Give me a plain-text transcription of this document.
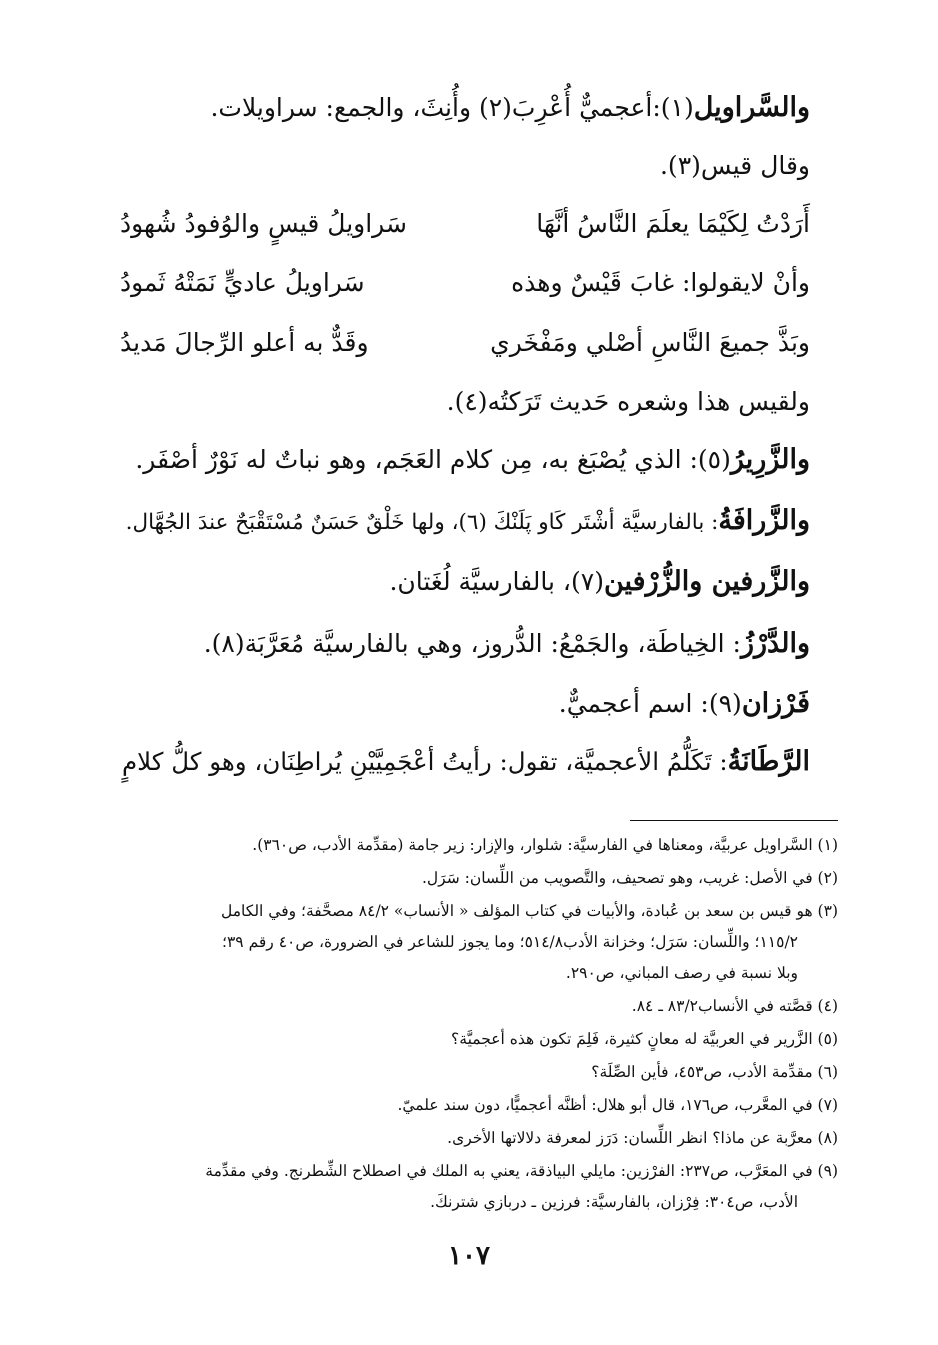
والسَّراويل(١):أعجميٌّ أُعْرِبَ(٢) وأُنِثَ، والجمع: سراويلات.
وقال قيس(٣).
أَرَدْتُ لِكَيْمَا يعلَمَ النَّاسُ أنَّهَا
سَراويلُ قيسٍ والوُفودُ شُهودُ
وأنْ لايقولوا: غابَ قَيْسٌ وهذه
سَراويلُ عاديٍّ نَمَتْهُ ثَمودُ
وبَذَّ جميعَ النَّاسِ أصْلي ومَفْخَري
وقَدٌّ به أعلو الرِّجالَ مَديدُ
ولقيس هذا وشعره حَديث تَرَكتُه(٤).
والزَّرِيرُ(٥): الذي يُصْبَغ به، مِن كلام العَجَم، وهو نباتٌ له نَوْرٌ أصْفَر.
والزَّرافَةُ: بالفارسيَّة أشْتَر كَاو پَلَنْكَ (٦)، ولها خَلْقٌ حَسَنٌ مُسْتَقْبَحٌ عندَ الجُهَّال.
والزَّرفين والزُّرْفين(٧)، بالفارسيَّة لُغَتان.
والدَّرْزُ: الخِياطَة، والجَمْعُ: الدُّروز، وهي بالفارسيَّة مُعَرَّبَة(٨).
فَرْزان(٩): اسم أعجميٌّ.
الرَّطَانَةُ: تَكَلُّمُ الأعجميَّة، تقول: رأيتُ أعْجَمِيَّيْنِ يُراطِنَان، وهو كلُّ كلامٍ
(١) السَّراويل عربيَّة، ومعناها في الفارسيَّة: شلوار، والإزار: زير جامة (مقدِّمة الأدب، ص٣٦٠).
(٢) في الأصل: غريب، وهو تصحيف، والتَّصويب من اللِّسان: سَرَل.
(٣) هو قيس بن سعد بن عُبادة، والأبيات في كتاب المؤلف « الأنساب» ٨٤/٢ مصحَّفة؛ وفي الكامل
١١٥/٢؛ واللِّسان: سَرَل؛ وخزانة الأدب٥١٤/٨؛ وما يجوز للشاعر في الضرورة، ص٤٠ رقم ٣٩؛
وبلا نسبة في رصف المباني، ص٢٩٠.
(٤) قصَّته في الأنساب٨٣/٢ ـ ٨٤.
(٥) الزَّرير في العربيَّة له معانٍ كثيرة، فَلِمَ تكون هذه أعجميَّة؟
(٦) مقدِّمة الأدب، ص٤٥٣، فأين الصِّلَة؟
(٧) في المعَّرب، ص١٧٦، قال أبو هلال: أظنَّه أعجميًّا، دون سند علميّ.
(٨) معرَّبة عن ماذا؟ انظر اللِّسان: دَرَز لمعرفة دلالاتها الأخرى.
(٩) في المعَرَّب، ص٢٣٧: الفرْزين: مايلي البياذقة، يعني به الملك في اصطلاح الشِّطرنج. وفي مقدِّمة
الأدب، ص٣٠٤: فِرْزان، بالفارسيَّة: فرزين ـ دربازي شترنكَ.
١٠٧
